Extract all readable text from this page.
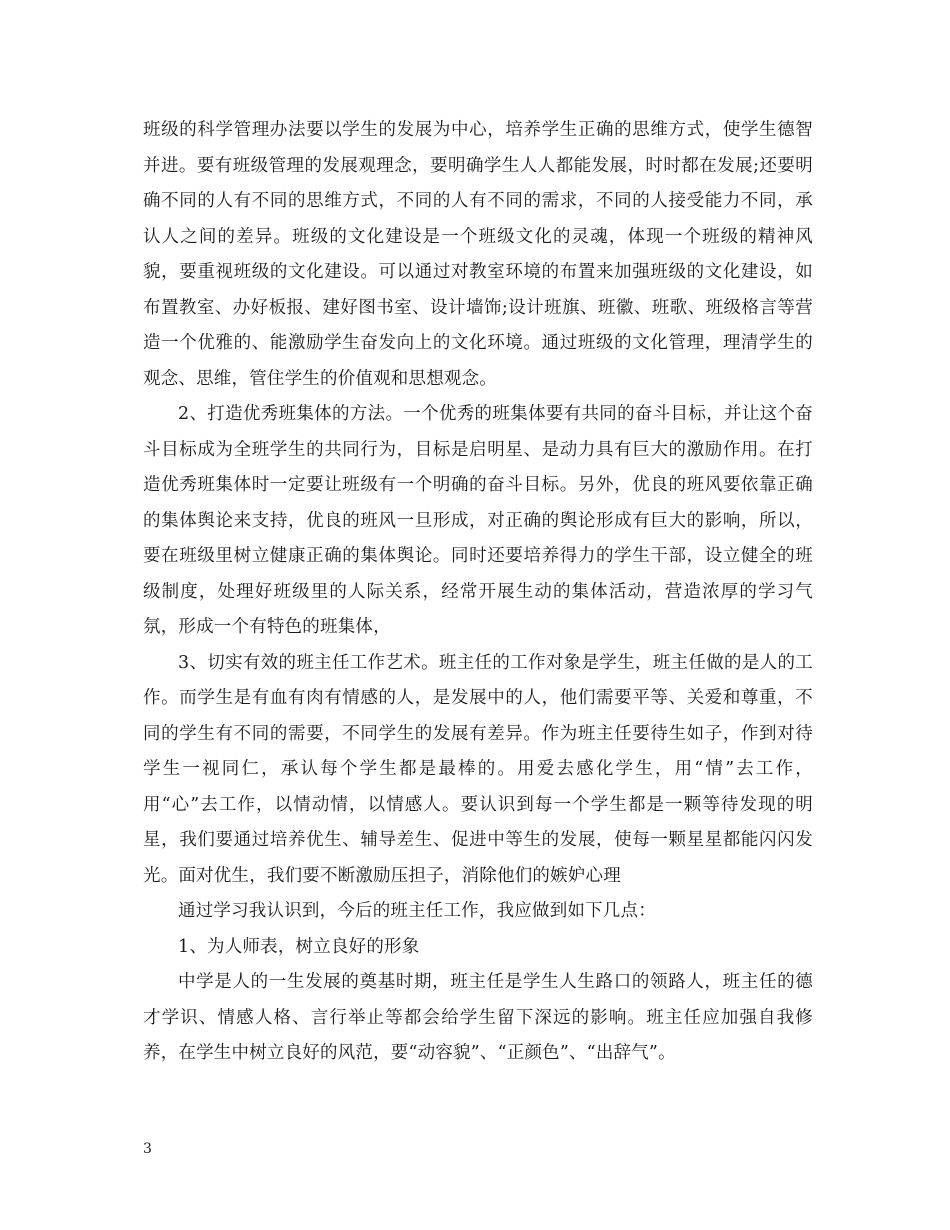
班级的科学管理办法要以学生的发展为中心，培养学生正确的思维方式，使学生德智并进。要有班级管理的发展观理念，要明确学生人人都能发展，时时都在发展;还要明确不同的人有不同的思维方式，不同的人有不同的需求，不同的人接受能力不同，承认人之间的差异。班级的文化建设是一个班级文化的灵魂，体现一个班级的精神风貌，要重视班级的文化建设。可以通过对教室环境的布置来加强班级的文化建设，如布置教室、办好板报、建好图书室、设计墙饰;设计班旗、班徽、班歌、班级格言等营造一个优雅的、能激励学生奋发向上的文化环境。通过班级的文化管理，理清学生的观念、思维，管住学生的价值观和思想观念。

2、打造优秀班集体的方法。一个优秀的班集体要有共同的奋斗目标，并让这个奋斗目标成为全班学生的共同行为，目标是启明星、是动力具有巨大的激励作用。在打造优秀班集体时一定要让班级有一个明确的奋斗目标。另外，优良的班风要依靠正确的集体舆论来支持，优良的班风一旦形成，对正确的舆论形成有巨大的影响，所以，要在班级里树立健康正确的集体舆论。同时还要培养得力的学生干部，设立健全的班级制度，处理好班级里的人际关系，经常开展生动的集体活动，营造浓厚的学习气氛，形成一个有特色的班集体，

3、切实有效的班主任工作艺术。班主任的工作对象是学生，班主任做的是人的工作。而学生是有血有肉有情感的人，是发展中的人，他们需要平等、关爱和尊重，不同的学生有不同的需要，不同学生的发展有差异。作为班主任要待生如子，作到对待学生一视同仁，承认每个学生都是最棒的。用爱去感化学生，用“情”去工作，用“心”去工作，以情动情，以情感人。要认识到每一个学生都是一颗等待发现的明星，我们要通过培养优生、辅导差生、促进中等生的发展，使每一颗星星都能闪闪发光。面对优生，我们要不断激励压担子，消除他们的嫉妒心理

通过学习我认识到，今后的班主任工作，我应做到如下几点：

1、为人师表，树立良好的形象

中学是人的一生发展的奠基时期，班主任是学生人生路口的领路人，班主任的德才学识、情感人格、言行举止等都会给学生留下深远的影响。班主任应加强自我修养，在学生中树立良好的风范，要“动容貌”、“正颜色”、“出辞气”。

3
